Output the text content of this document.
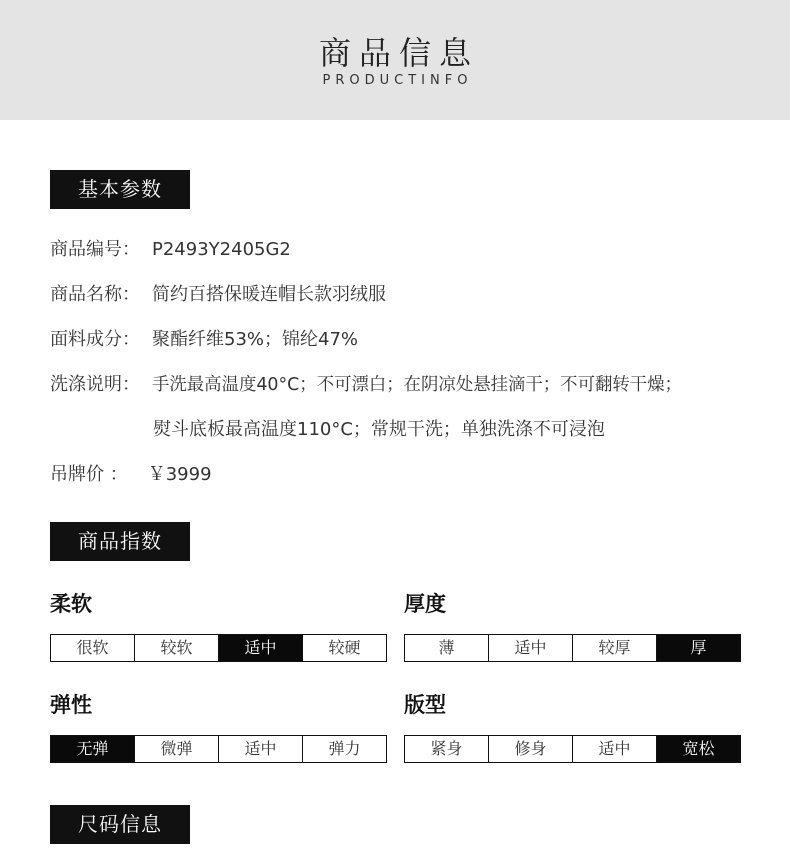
商品信息
PRODUCTINFO
基本参数
商品编号： P2493Y2405G2
商品名称： 简约百搭保暖连帽长款羽绒服
面料成分： 聚酯纤维53%；锦纶47%
洗涤说明： 手洗最高温度40°C；不可漂白；在阴凉处悬挂滴干；不可翻转干燥；
熨斗底板最高温度110°C；常规干洗；单独洗涤不可浸泡
吊牌价 ： ￥3999
商品指数
柔软
很软	较软	适中	较硬
厚度
薄	适中	较厚	厚
弹性
无弹	微弹	适中	弹力
版型
紧身	修身	适中	宽松
尺码信息
